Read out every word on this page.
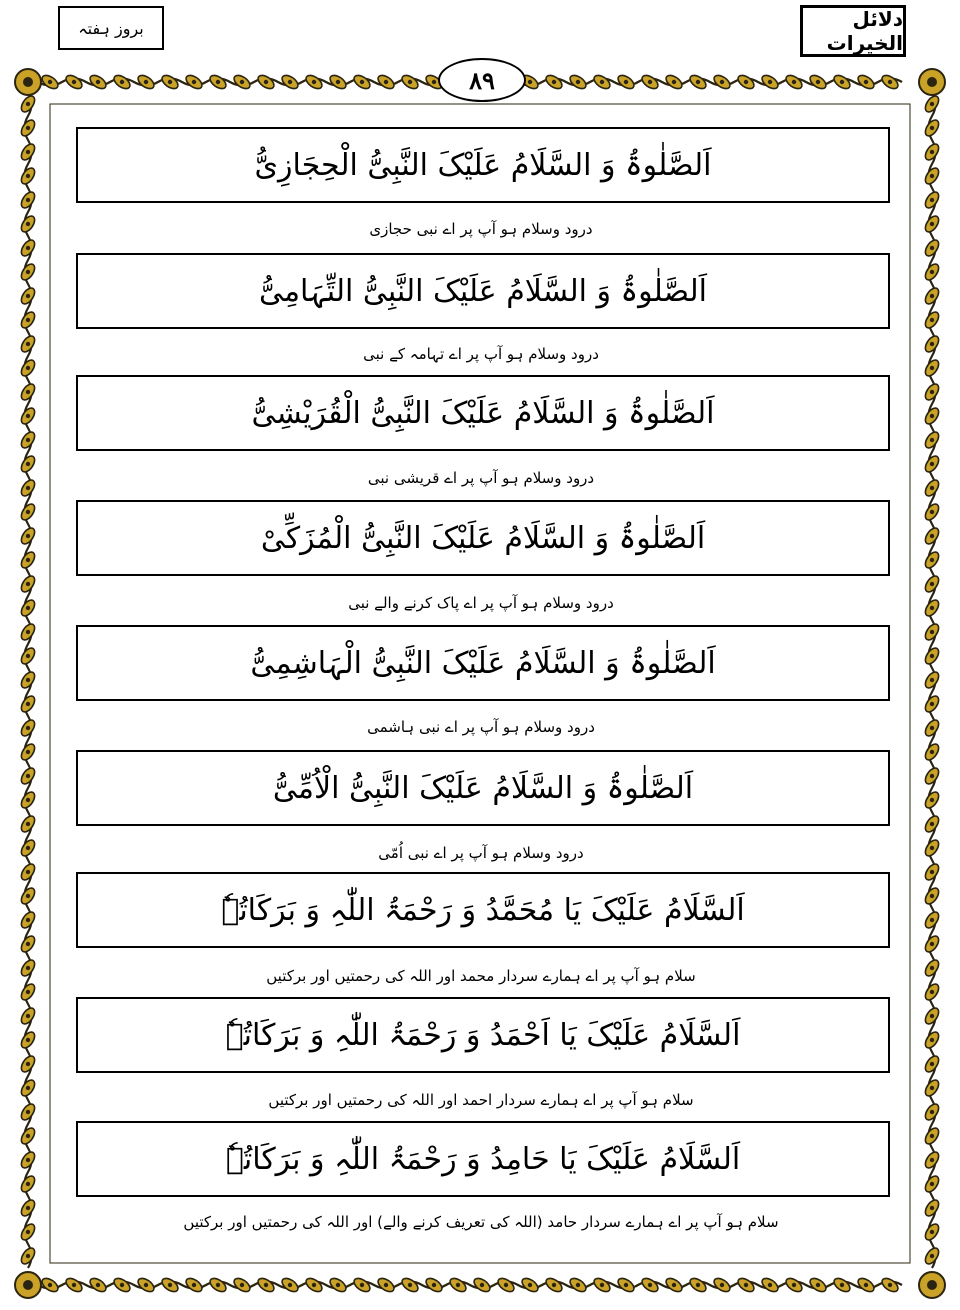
بروز ہفتہ	دلائل الخیرات
۸۹
اَلصَّلٰوۃُ وَ السَّلَامُ عَلَیْکَ النَّبِیُّ الْحِجَازِیُّ
درود وسلام ہو آپ پر اے نبی حجازی
اَلصَّلٰوۃُ وَ السَّلَامُ عَلَیْکَ النَّبِیُّ التِّہَامِیُّ
درود وسلام ہو آپ پر اے تہامہ کے نبی
اَلصَّلٰوۃُ وَ السَّلَامُ عَلَیْکَ النَّبِیُّ الْقُرَیْشِیُّ
درود وسلام ہو آپ پر اے قریشی نبی
اَلصَّلٰوۃُ وَ السَّلَامُ عَلَیْکَ النَّبِیُّ الْمُزَکِّیْ
درود وسلام ہو آپ پر اے پاک کرنے والے نبی
اَلصَّلٰوۃُ وَ السَّلَامُ عَلَیْکَ النَّبِیُّ الْہَاشِمِیُّ
درود وسلام ہو آپ پر اے نبی ہاشمی
اَلصَّلٰوۃُ وَ السَّلَامُ عَلَیْکَ النَّبِیُّ الْاُمِّیُّ
درود وسلام ہو آپ پر اے نبی اُمّی
اَلسَّلَامُ عَلَیْکَ یَا مُحَمَّدُ وَ رَحْمَۃُ اللّٰہِ وَ بَرَکَاتُہٗ
سلام ہو آپ پر اے ہمارے سردار محمد اور اللہ کی رحمتیں اور برکتیں
اَلسَّلَامُ عَلَیْکَ یَا اَحْمَدُ وَ رَحْمَۃُ اللّٰہِ وَ بَرَکَاتُہٗ
سلام ہو آپ پر اے ہمارے سردار احمد اور اللہ کی رحمتیں اور برکتیں
اَلسَّلَامُ عَلَیْکَ یَا حَامِدُ وَ رَحْمَۃُ اللّٰہِ وَ بَرَکَاتُہٗ
سلام ہو آپ پر اے ہمارے سردار حامد (اللہ کی تعریف کرنے والے) اور اللہ کی رحمتیں اور برکتیں
